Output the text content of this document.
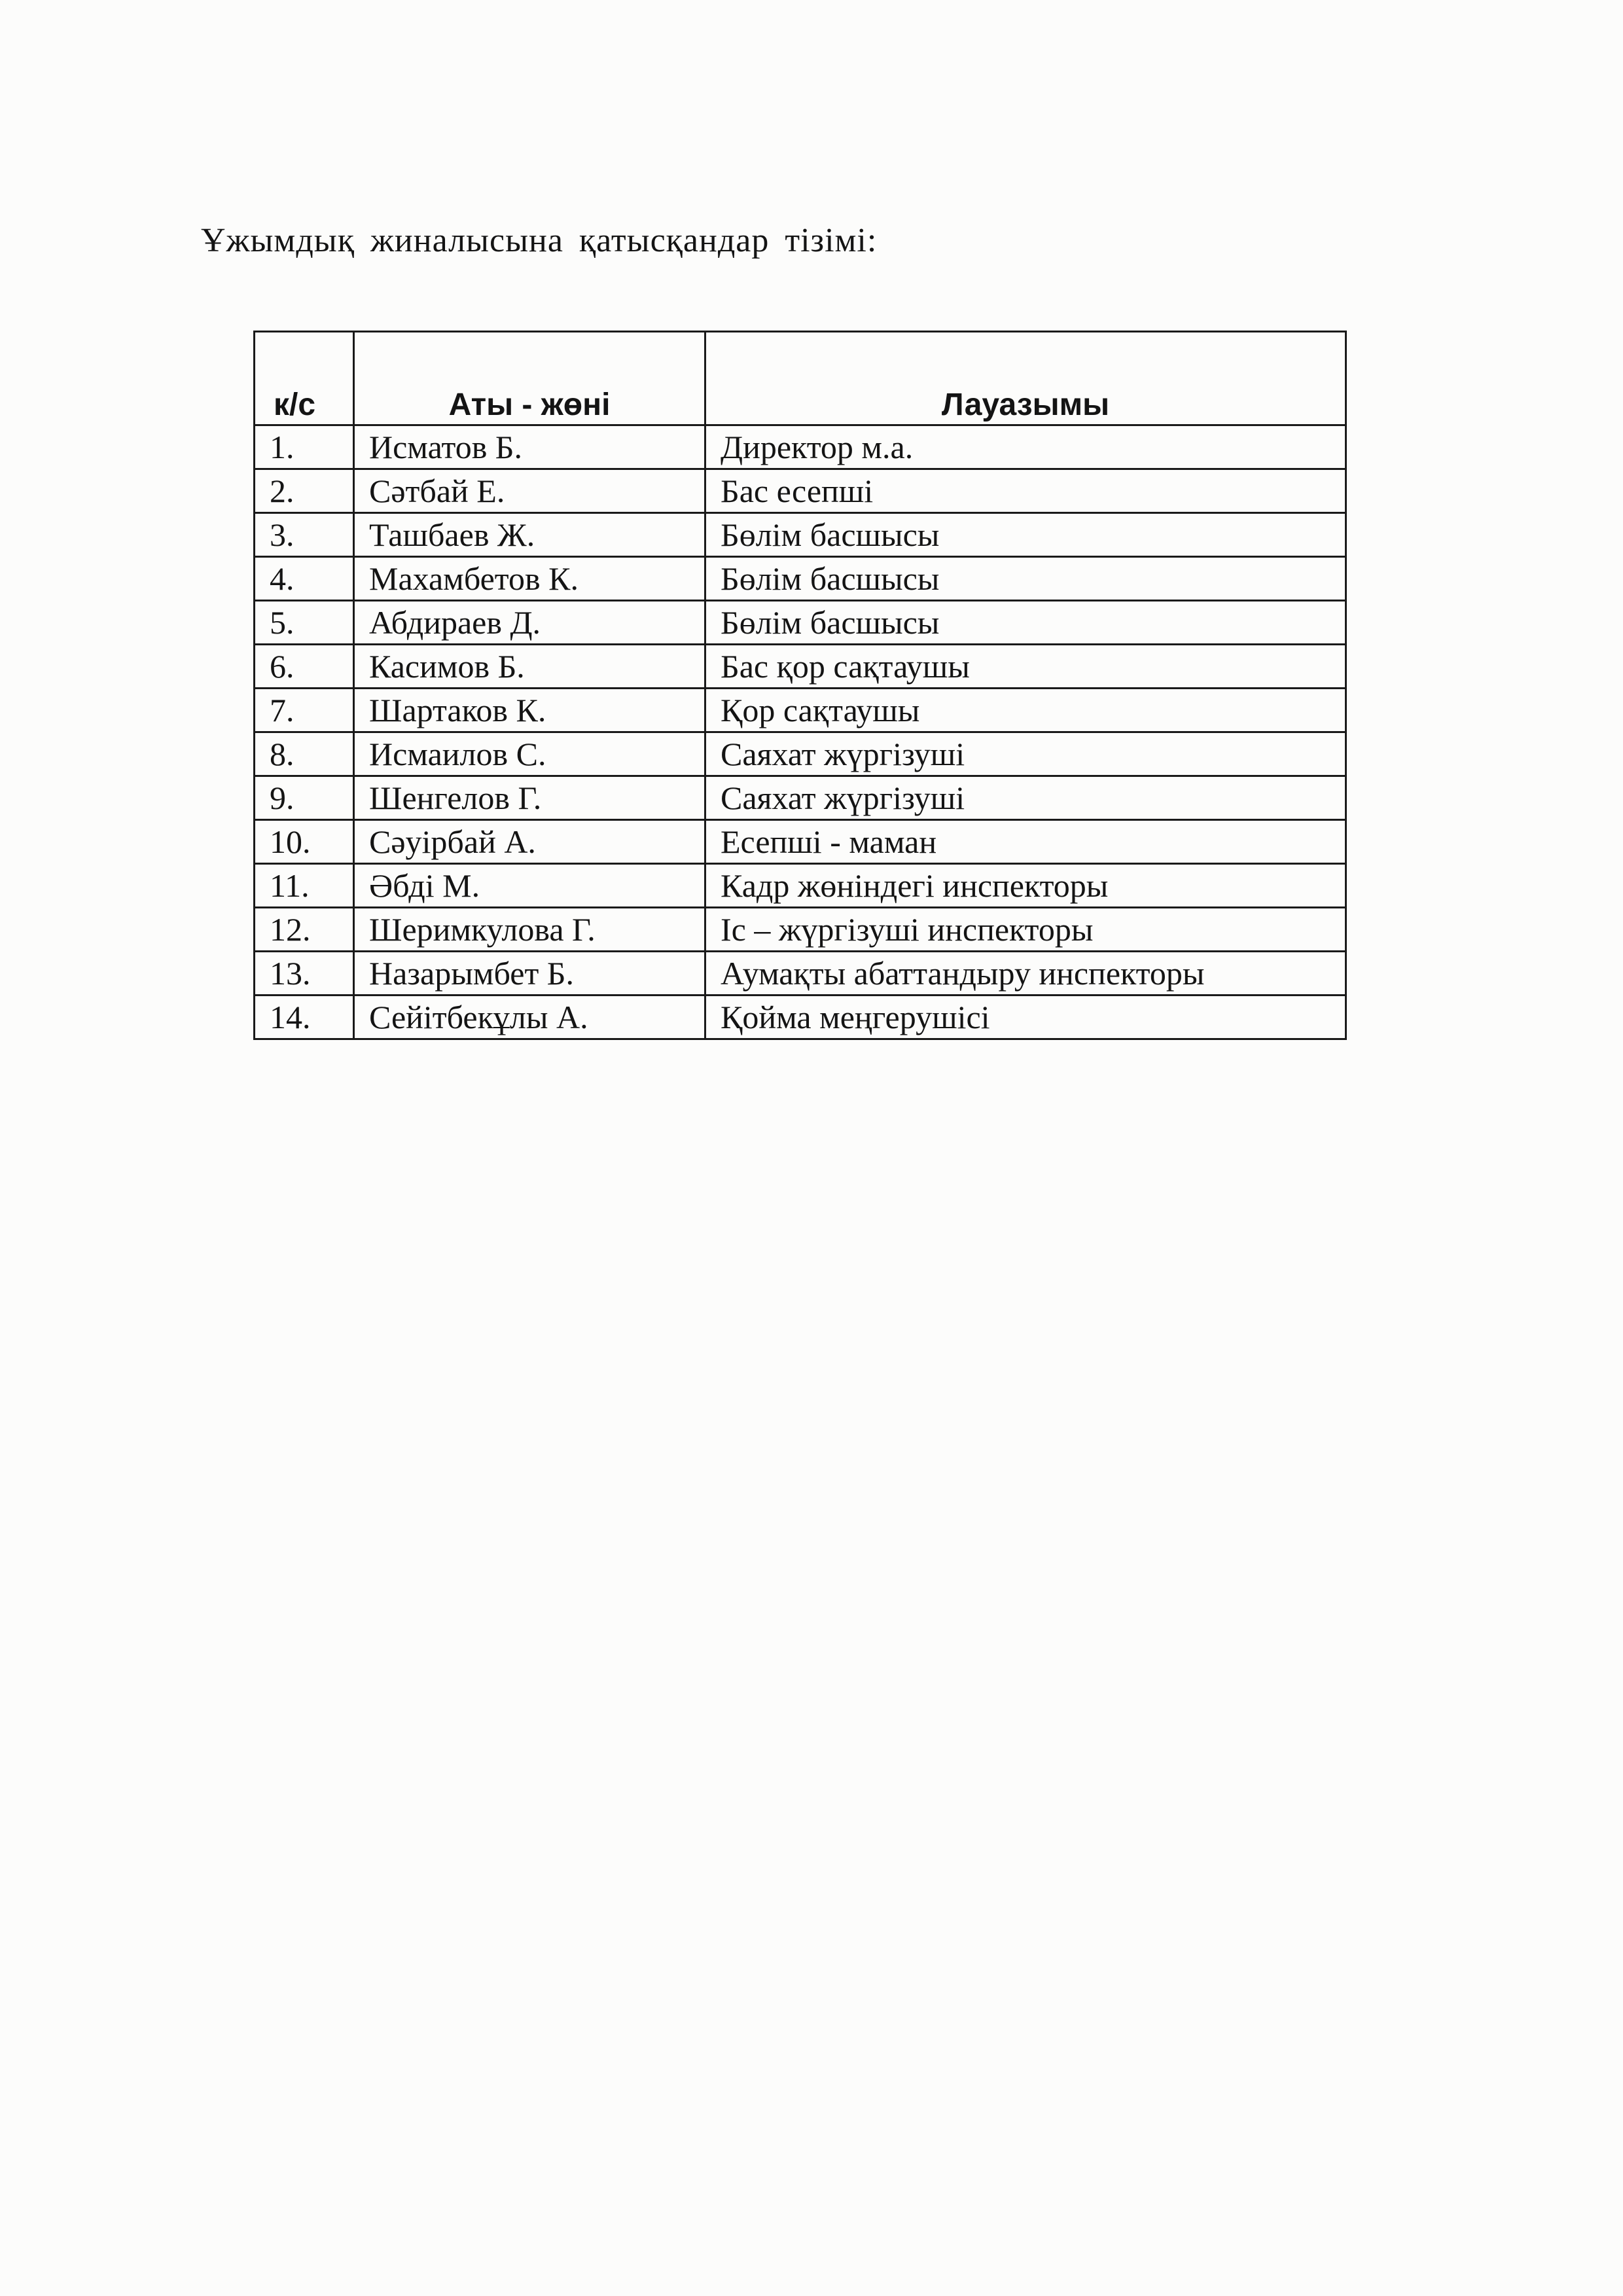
Ұжымдық жиналысына қатысқандар тізімі:
к/с	Аты - жөні	Лауазымы
1.	Исматов Б.	Директор м.а.
2.	Сәтбай Е.	Бас есепші
3.	Ташбаев Ж.	Бөлім басшысы
4.	Махамбетов К.	Бөлім басшысы
5.	Абдираев Д.	Бөлім басшысы
6.	Касимов Б.	Бас қор сақтаушы
7.	Шартаков К.	Қор сақтаушы
8.	Исмаилов С.	Саяхат жүргізуші
9.	Шенгелов Г.	Саяхат жүргізуші
10.	Сәуірбай А.	Есепші - маман
11.	Әбді М.	Кадр жөніндегі инспекторы
12.	Шеримкулова Г.	Іс – жүргізуші инспекторы
13.	Назарымбет Б.	Аумақты абаттандыру инспекторы
14.	Сейітбекұлы А.	Қойма меңгерушісі
